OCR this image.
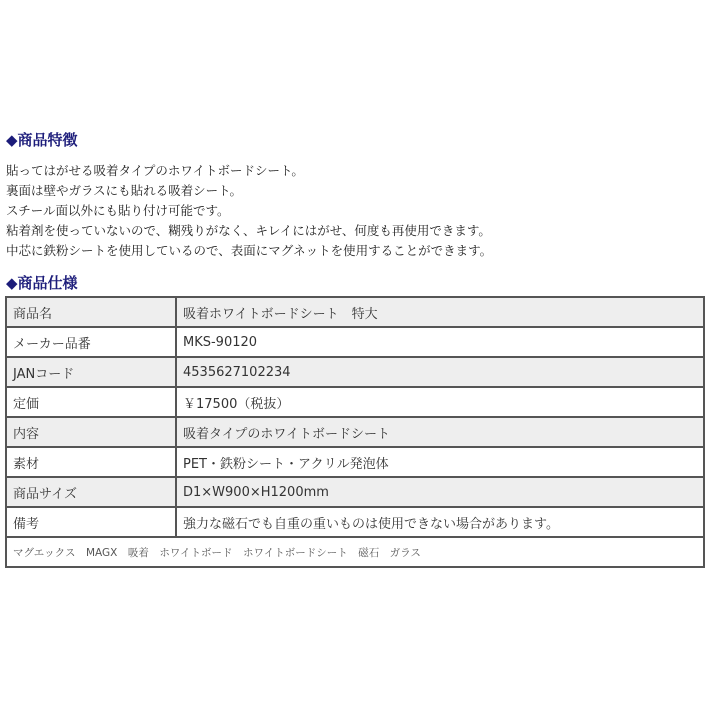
◆商品特徴
貼ってはがせる吸着タイプのホワイトボードシート。
裏面は壁やガラスにも貼れる吸着シート。
スチール面以外にも貼り付け可能です。
粘着剤を使っていないので、糊残りがなく、キレイにはがせ、何度も再使用できます。
中芯に鉄粉シートを使用しているので、表面にマグネットを使用することができます。
◆商品仕様
商品名	吸着ホワイトボードシート　特大
メーカー品番	MKS-90120
JANコード	4535627102234
定価	￥17500（税抜）
内容	吸着タイプのホワイトボードシート
素材	PET・鉄粉シート・アクリル発泡体
商品サイズ	D1×W900×H1200mm
備考	強力な磁石でも自重の重いものは使用できない場合があります。
マグエックス　MAGX　吸着　ホワイトボード　ホワイトボードシート　磁石　ガラス	
